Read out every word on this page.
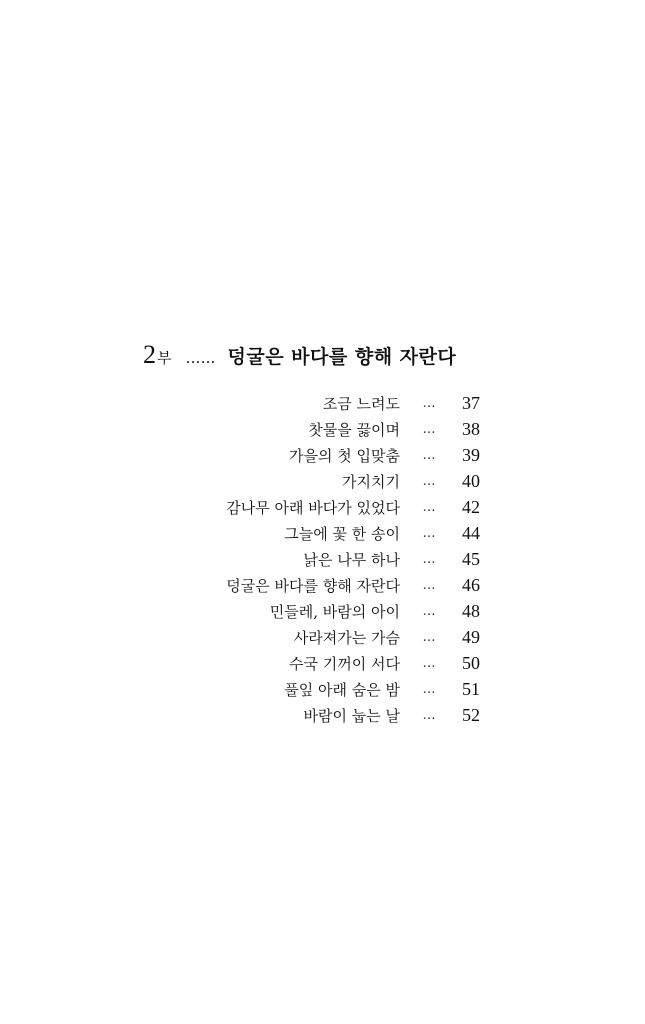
2 부 …… 덩굴은 바다를 향해 자란다
조금 느려도	…	37
찻물을 끓이며	…	38
가을의 첫 입맞춤	…	39
가지치기	…	40
감나무 아래 바다가 있었다	…	42
그늘에 꽃 한 송이	…	44
낡은 나무 하나	…	45
덩굴은 바다를 향해 자란다	…	46
민들레, 바람의 아이	…	48
사라져가는 가슴	…	49
수국 기꺼이 서다	…	50
풀잎 아래 숨은 밤	…	51
바람이 눕는 날	…	52
